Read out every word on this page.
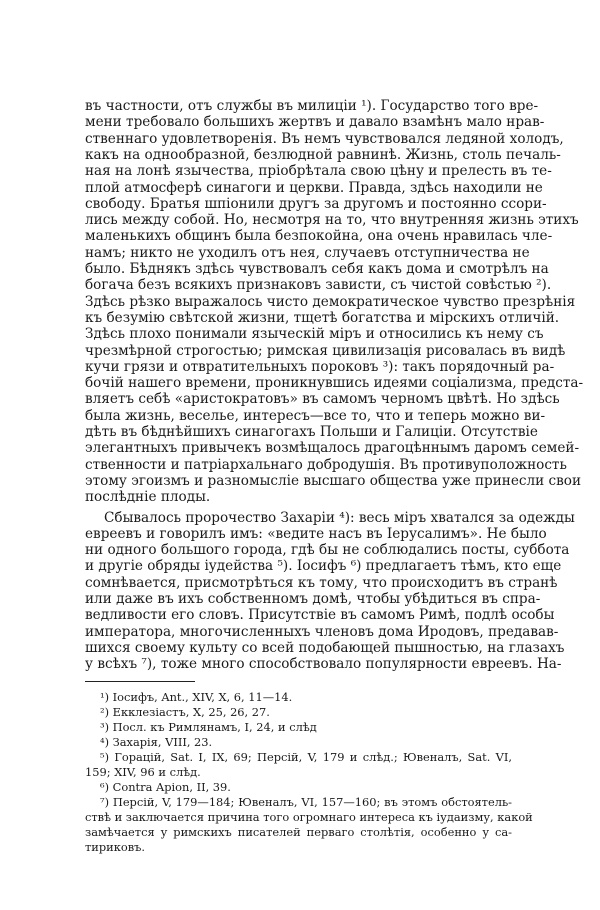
въ частности, отъ службы въ милиціи ¹). Государство того вре-
мени требовало большихъ жертвъ и давало взамѣнъ мало нрав-
ственнаго удовлетворенія. Въ немъ чувствовался ледяной холодъ,
какъ на однообразной, безлюдной равнинѣ. Жизнь, столь печаль-
ная на лонѣ язычества, пріобрѣтала свою цѣну и прелесть въ те-
плой атмосферѣ синагоги и церкви. Правда, здѣсь находили не
свободу. Братья шпіонили другъ за другомъ и постоянно ссори-
лись между собой. Но, несмотря на то, что внутренняя жизнь этихъ
маленькихъ общинъ была безпокойна, она очень нравилась чле-
намъ; никто не уходилъ отъ нея, случаевъ отступничества не
было. Бѣднякъ здѣсь чувствовалъ себя какъ дома и смотрѣлъ на
богача безъ всякихъ признаковъ зависти, съ чистой совѣстью ²).
Здѣсь рѣзко выражалось чисто демократическое чувство презрѣнія
къ безумію свѣтской жизни, тщетѣ богатства и мірскихъ отличій.
Здѣсь плохо понимали языческій міръ и относились къ нему съ
чрезмѣрной строгостью; римская цивилизація рисовалась въ видѣ
кучи грязи и отвратительныхъ пороковъ ³): такъ порядочный ра-
бочій нашего времени, проникнувшись идеями соціализма, предста-
вляетъ себѣ «аристократовъ» въ самомъ черномъ цвѣтѣ. Но здѣсь
была жизнь, веселье, интересъ—все то, что и теперь можно ви-
дѣть въ бѣднѣйшихъ синагогахъ Польши и Галиціи. Отсутствіе
элегантныхъ привычекъ возмѣщалось драгоцѣннымъ даромъ семей-
ственности и патріархальнаго добродушія. Въ противуположность
этому эгоизмъ и разномысліе высшаго общества уже принесли свои
послѣдніе плоды.
Сбывалось пророчество Захаріи ⁴): весь міръ хватался за одежды
евреевъ и говорилъ имъ: «ведите насъ въ Іерусалимъ». Не было
ни одного большого города, гдѣ бы не соблюдались посты, суббота
и другіе обряды іудейства ⁵). Іосифъ ⁶) предлагаетъ тѣмъ, кто еще
сомнѣвается, присмотрѣться къ тому, что происходитъ въ странѣ
или даже въ ихъ собственномъ домѣ, чтобы убѣдиться въ спра-
ведливости его словъ. Присутствіе въ самомъ Римѣ, подлѣ особы
императора, многочисленныхъ членовъ дома Иродовъ, предавав-
шихся своему культу со всей подобающей пышностью, на глазахъ
у всѣхъ ⁷), тоже много способствовало популярности евреевъ. На-
¹) Іосифъ, Ant., XIV, X, 6, 11—14.
²) Екклезіастъ, X, 25, 26, 27.
³) Посл. къ Римлянамъ, I, 24, и слѣд
⁴) Захарія, VIII, 23.
⁵) Горацій, Sat. I, IX, 69; Персій, V, 179 и слѣд.; Ювеналъ, Sat. VI,
159; XIV, 96 и слѣд.
⁶) Contra Apion, II, 39.
⁷) Персій, V, 179—184; Ювеналъ, VI, 157—160; въ этомъ обстоятель-
ствѣ и заключается причина того огромнаго интереса къ іудаизму, какой
замѣчается у римскихъ писателей перваго столѣтія, особенно у са-
тириковъ.
